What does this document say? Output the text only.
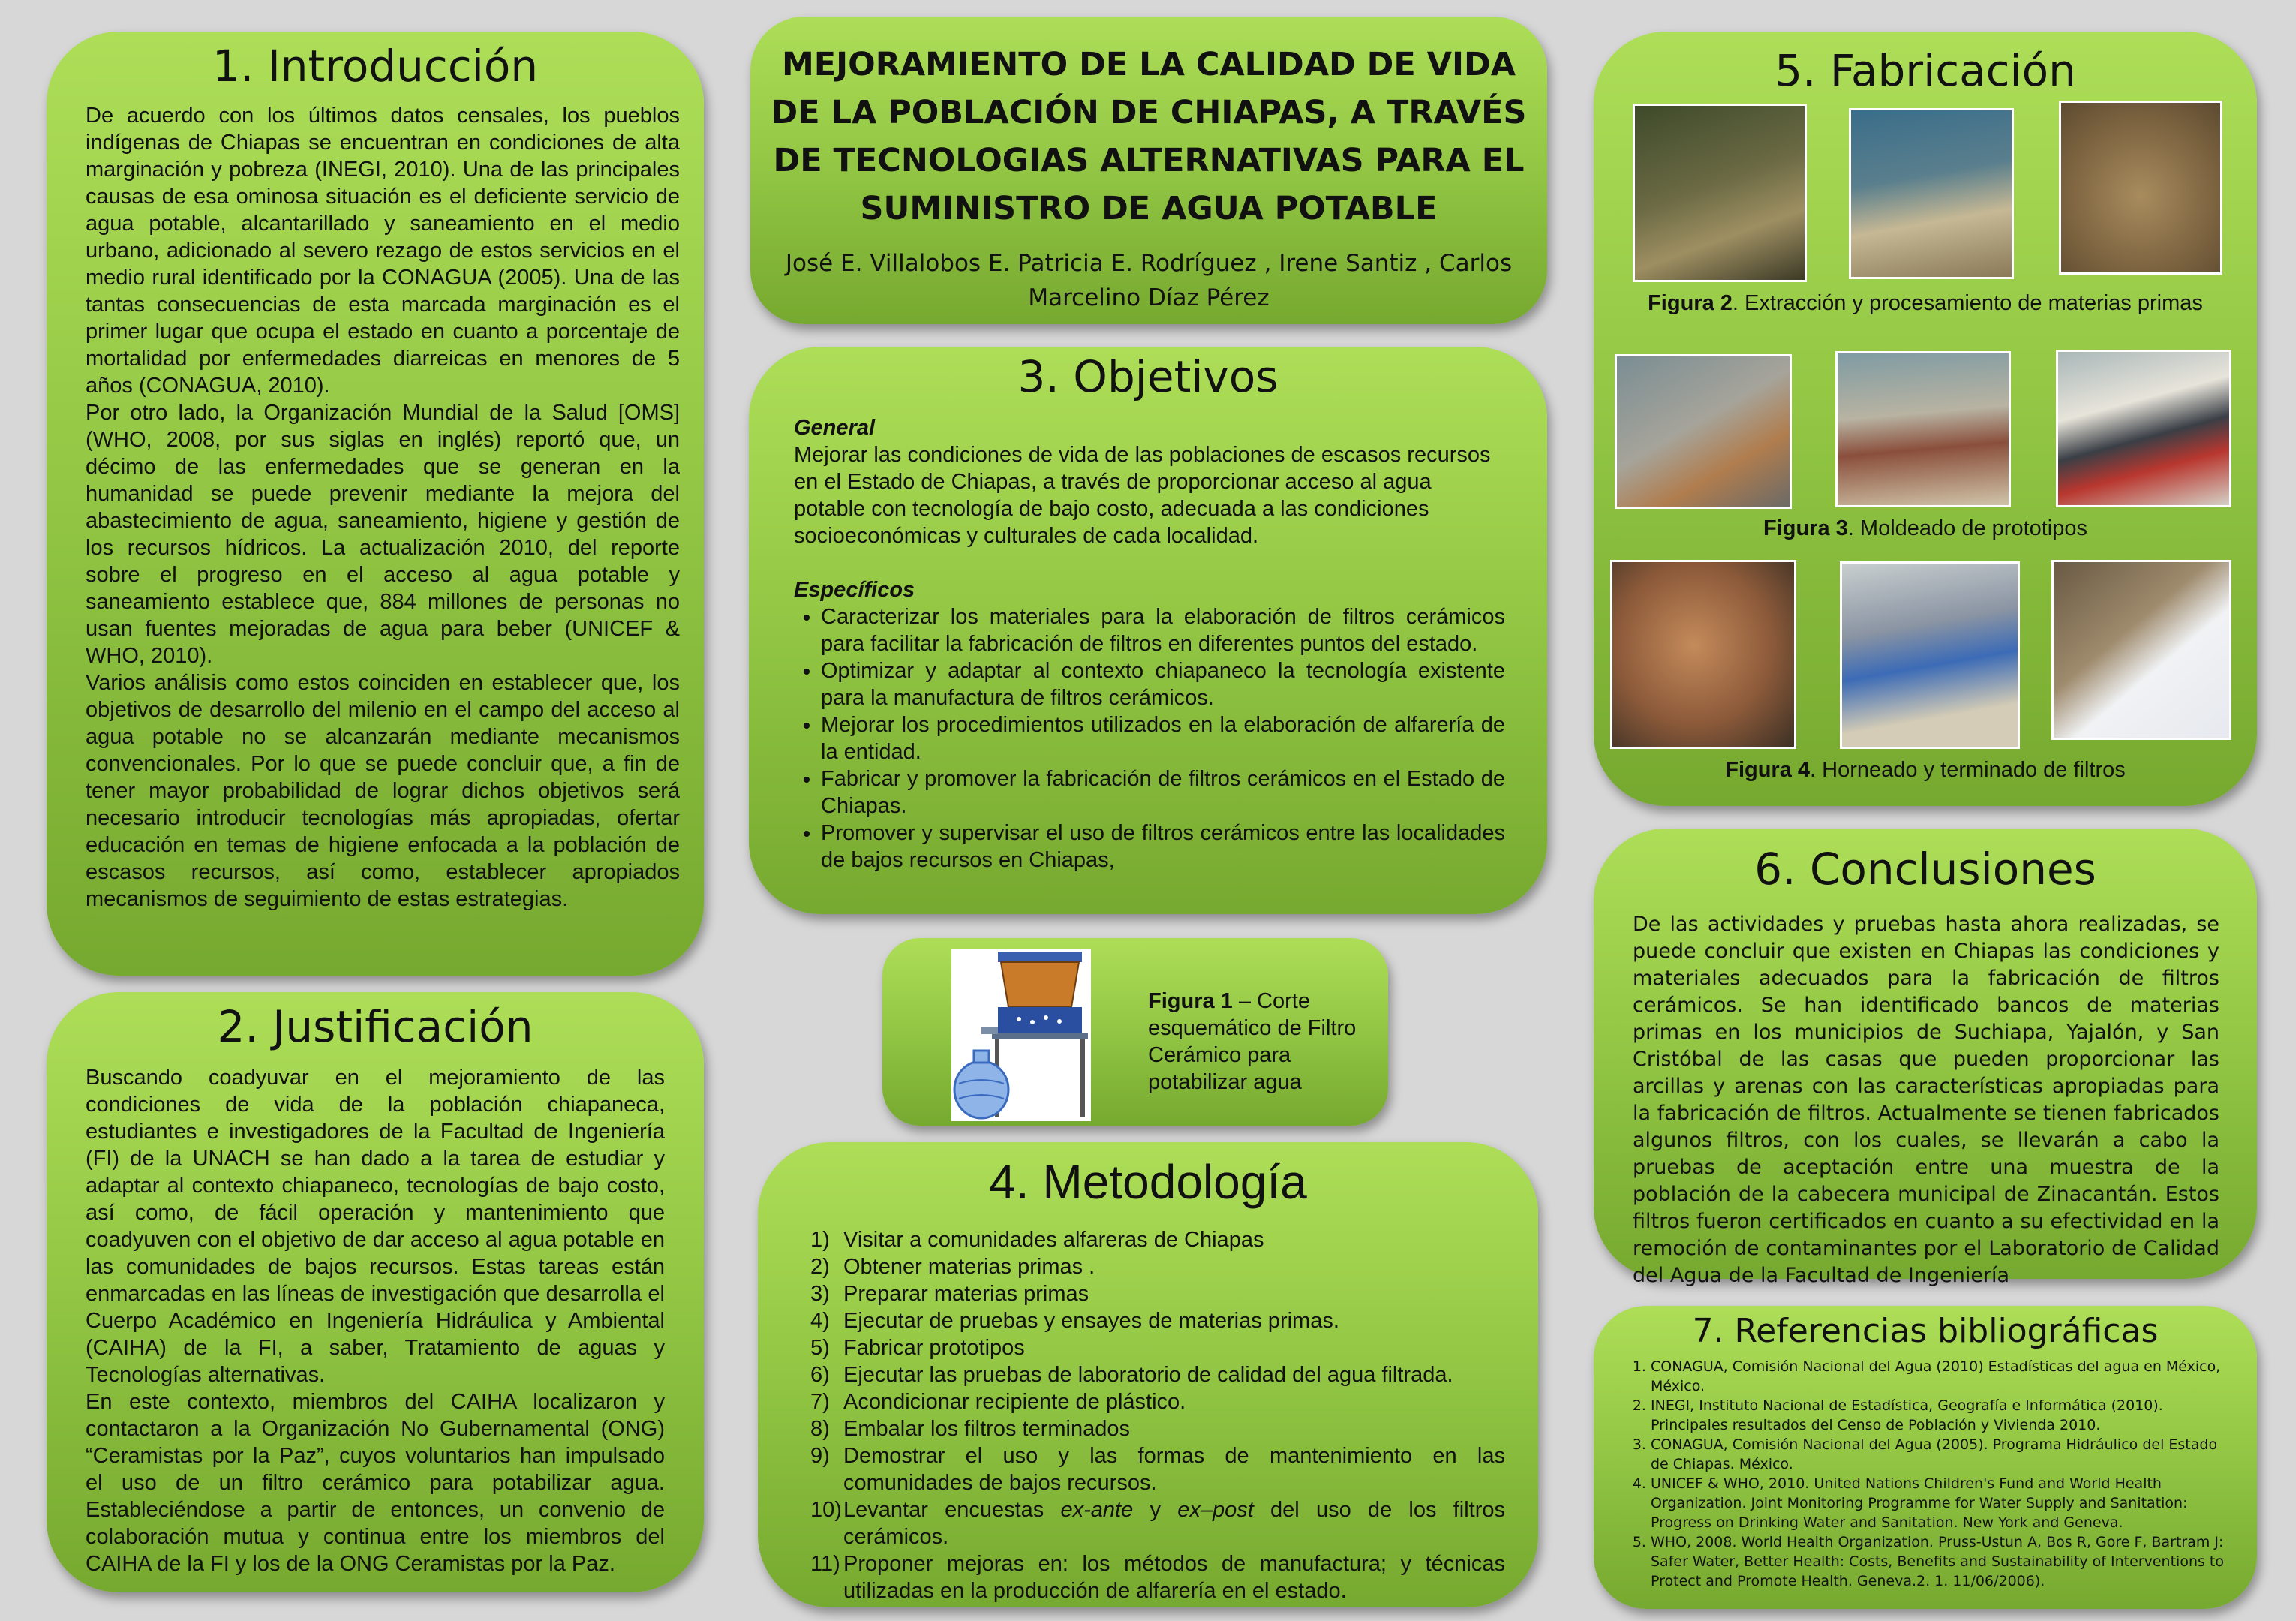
1. Introducción

De acuerdo con los últimos datos censales, los pueblos indígenas de Chiapas se encuentran en condiciones de alta marginación y pobreza (INEGI, 2010). Una de las principales causas de esa ominosa situación es el deficiente servicio de agua potable, alcantarillado y saneamiento en el medio urbano, adicionado al severo rezago de estos servicios en el medio rural identificado por la CONAGUA (2005). Una de las tantas consecuencias de esta marcada marginación es el primer lugar que ocupa el estado en cuanto a porcentaje de mortalidad por enfermedades diarreicas en menores de 5 años (CONAGUA, 2010).

Por otro lado, la Organización Mundial de la Salud [OMS] (WHO, 2008, por sus siglas en inglés) reportó que, un décimo de las enfermedades que se generan en la humanidad se puede prevenir mediante la mejora del abastecimiento de agua, saneamiento, higiene y gestión de los recursos hídricos. La actualización 2010, del reporte sobre el progreso en el acceso al agua potable y saneamiento establece que, 884 millones de personas no usan fuentes mejoradas de agua para beber (UNICEF & WHO, 2010).

Varios análisis como estos coinciden en establecer que, los objetivos de desarrollo del milenio en el campo del acceso al agua potable no se alcanzarán mediante mecanismos convencionales. Por lo que se puede concluir que, a fin de tener mayor probabilidad de lograr dichos objetivos será necesario introducir tecnologías más apropiadas, ofertar educación en temas de higiene enfocada a la población de escasos recursos, así como, establecer apropiados mecanismos de seguimiento de estas estrategias.

2. Justificación

Buscando coadyuvar en el mejoramiento de las condiciones de vida de la población chiapaneca, estudiantes e investigadores de la Facultad de Ingeniería (FI) de la UNACH se han dado a la tarea de estudiar y adaptar al contexto chiapaneco, tecnologías de bajo costo, así como, de fácil operación y mantenimiento que coadyuven con el objetivo de dar acceso al agua potable en las comunidades de bajos recursos. Estas tareas están enmarcadas en las líneas de investigación que desarrolla el Cuerpo Académico en Ingeniería Hidráulica y Ambiental (CAIHA) de la FI, a saber, Tratamiento de aguas y Tecnologías alternativas.

En este contexto, miembros del CAIHA localizaron y contactaron a la Organización No Gubernamental (ONG) “Ceramistas por la Paz”, cuyos voluntarios han impulsado el uso de un filtro cerámico para potabilizar agua. Estableciéndose a partir de entonces, un convenio de colaboración mutua y continua entre los miembros del CAIHA de la FI y los de la ONG Ceramistas por la Paz.

MEJORAMIENTO DE LA CALIDAD DE VIDA
DE LA POBLACIÓN DE CHIAPAS, A TRAVÉS
DE TECNOLOGIAS ALTERNATIVAS PARA EL
SUMINISTRO DE AGUA POTABLE
José E. Villalobos E. Patricia E. Rodríguez , Irene Santiz , Carlos
Marcelino Díaz Pérez
3. Objetivos
General

Mejorar las condiciones de vida de las poblaciones de escasos recursos en el Estado de Chiapas, a través de proporcionar acceso al agua potable con tecnología de bajo costo, adecuada a las condiciones socioeconómicas y culturales de cada localidad.

Específicos
• Caracterizar los materiales para la elaboración de filtros cerámicos para facilitar la fabricación de filtros en diferentes puntos del estado.
• Optimizar y adaptar al contexto chiapaneco la tecnología existente para la manufactura de filtros cerámicos.
• Mejorar los procedimientos utilizados en la elaboración de alfarería de la entidad.
• Fabricar y promover la fabricación de filtros cerámicos en el Estado de Chiapas.
• Promover y supervisar el uso de filtros cerámicos entre las localidades de bajos recursos en Chiapas,
Figura 1 – Corte
esquemático de Filtro
Cerámico para
potabilizar agua
4. Metodología
1) Visitar a comunidades alfareras de Chiapas
2) Obtener materias primas .
3) Preparar materias primas
4) Ejecutar de pruebas y ensayes de materias primas.
5) Fabricar prototipos
6) Ejecutar las pruebas de laboratorio de calidad del agua filtrada.
7) Acondicionar recipiente de plástico.
8) Embalar los filtros terminados
9) Demostrar el uso y las formas de mantenimiento en las comunidades de bajos recursos.
10) Levantar encuestas ex-ante y ex–post del uso de los filtros cerámicos.
11) Proponer mejoras en: los métodos de manufactura; y técnicas utilizadas en la producción de alfarería en el estado.
5. Fabricación
Figura 2. Extracción y procesamiento de materias primas
Figura 3. Moldeado de prototipos
Figura 4. Horneado y terminado de filtros
6. Conclusiones
De las actividades y pruebas hasta ahora realizadas, se puede concluir que existen en Chiapas las condiciones y materiales adecuados para la fabricación de filtros cerámicos. Se han identificado bancos de materias primas en los municipios de Suchiapa, Yajalón, y San Cristóbal de las casas que pueden proporcionar las arcillas y arenas con las características apropiadas para la fabricación de filtros. Actualmente se tienen fabricados algunos filtros, con los cuales, se llevarán a cabo la pruebas de aceptación entre una muestra de la población de la cabecera municipal de Zinacantán. Estos filtros fueron certificados en cuanto a su efectividad en la remoción de contaminantes por el Laboratorio de Calidad del Agua de la Facultad de Ingeniería
7. Referencias bibliográficas
1. CONAGUA, Comisión Nacional del Agua (2010) Estadísticas del agua en México, México.
2. INEGI, Instituto Nacional de Estadística, Geografía e Informática (2010). Principales resultados del Censo de Población y Vivienda 2010.
3. CONAGUA, Comisión Nacional del Agua (2005). Programa Hidráulico del Estado de Chiapas. México.
4. UNICEF & WHO, 2010. United Nations Children's Fund and World Health Organization. Joint Monitoring Programme for Water Supply and Sanitation: Progress on Drinking Water and Sanitation. New York and Geneva.
5. WHO, 2008. World Health Organization. Pruss-Ustun A, Bos R, Gore F, Bartram J: Safer Water, Better Health: Costs, Benefits and Sustainability of Interventions to Protect and Promote Health. Geneva.2. 1. 11/06/2006).
